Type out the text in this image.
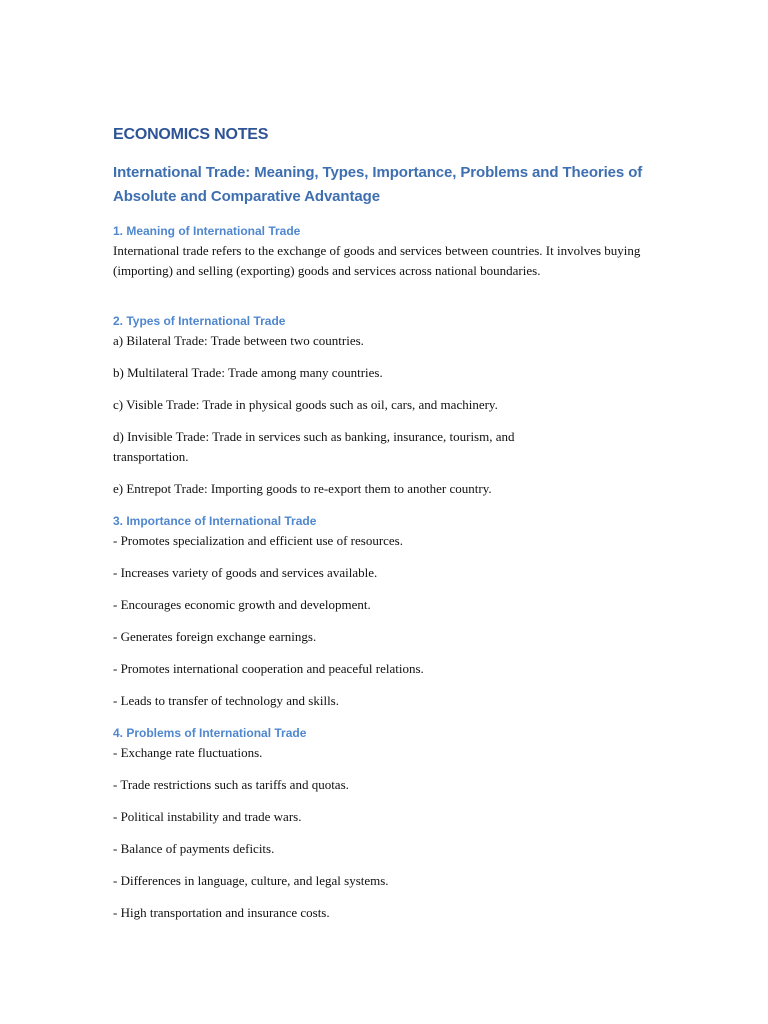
ECONOMICS NOTES
International Trade: Meaning, Types, Importance, Problems and Theories of Absolute and Comparative Advantage
1. Meaning of International Trade

International trade refers to the exchange of goods and services between countries. It involves buying (importing) and selling (exporting) goods and services across national boundaries.

2. Types of International Trade

a) Bilateral Trade: Trade between two countries.

b) Multilateral Trade: Trade among many countries.

c) Visible Trade: Trade in physical goods such as oil, cars, and machinery.

d) Invisible Trade: Trade in services such as banking, insurance, tourism, and transportation.

e) Entrepot Trade: Importing goods to re-export them to another country.

3. Importance of International Trade

- Promotes specialization and efficient use of resources.

- Increases variety of goods and services available.

- Encourages economic growth and development.

- Generates foreign exchange earnings.

- Promotes international cooperation and peaceful relations.

- Leads to transfer of technology and skills.

4. Problems of International Trade

- Exchange rate fluctuations.

- Trade restrictions such as tariffs and quotas.

- Political instability and trade wars.

- Balance of payments deficits.

- Differences in language, culture, and legal systems.

- High transportation and insurance costs.
